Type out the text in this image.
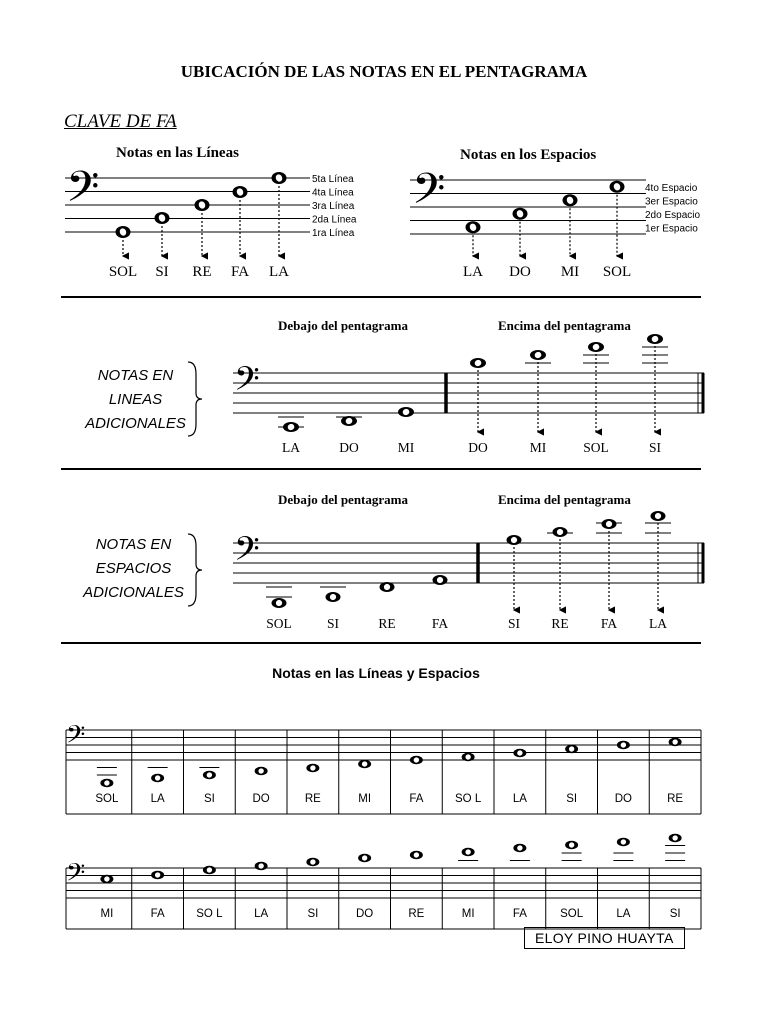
UBICACIÓN DE LAS NOTAS EN EL PENTAGRAMA
CLAVE DE FA
Notas en las Líneas	Notas en los Espacios
𝄢
SOL SI RE FA LA
5ta Línea
4ta Línea
3ra Línea
2da Línea
1ra Línea
𝄢
LA DO MI SOL
4to Espacio
3er Espacio
2do Espacio
1er Espacio
Debajo del pentagrama	Encima del pentagrama
NOTAS EN
LINEAS
ADICIONALES
Debajo del pentagrama	Encima del pentagrama
NOTAS EN
ESPACIOS
ADICIONALES
Notas en las Líneas y Espacios
𝄢
LA	DO	MI	DO	MI	SOL	SI
𝄢
SOL	SI	RE	FA	SI RE FA LA
𝄢
SOL	LA	SI	DO	RE	MI	FA	SO L	LA	SI	DO	RE
𝄢
MI	FA	SO L	LA	SI	DO	RE	MI	FA	SOL	LA	SI
ELOY PINO HUAYTA
